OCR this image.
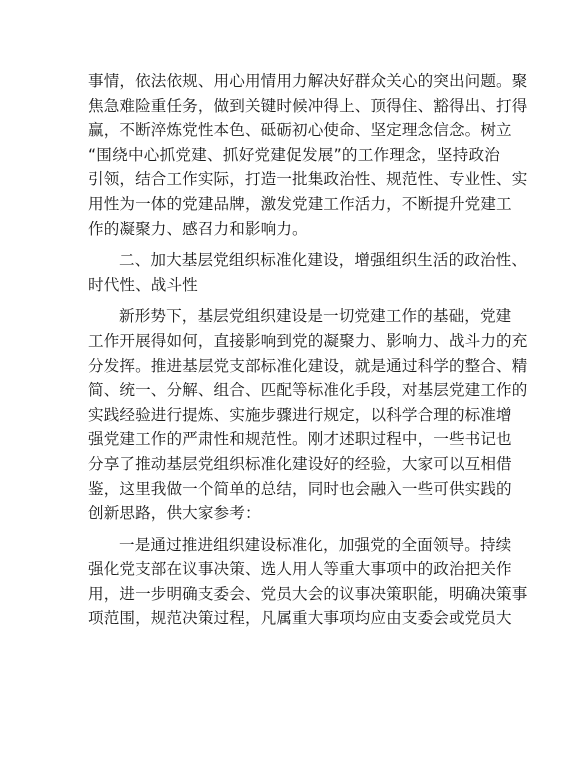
事情，依法依规、用心用情用力解决好群众关心的突出问题。聚
焦急难险重任务，做到关键时候冲得上、顶得住、豁得出、打得
赢，不断淬炼党性本色、砥砺初心使命、坚定理念信念。树立
“围绕中心抓党建、抓好党建促发展”的工作理念，坚持政治
引领，结合工作实际，打造一批集政治性、规范性、专业性、实
用性为一体的党建品牌，激发党建工作活力，不断提升党建工
作的凝聚力、感召力和影响力。
二、加大基层党组织标准化建设，增强组织生活的政治性、
时代性、战斗性
新形势下，基层党组织建设是一切党建工作的基础，党建
工作开展得如何，直接影响到党的凝聚力、影响力、战斗力的充
分发挥。推进基层党支部标准化建设，就是通过科学的整合、精
简、统一、分解、组合、匹配等标准化手段，对基层党建工作的
实践经验进行提炼、实施步骤进行规定，以科学合理的标准增
强党建工作的严肃性和规范性。刚才述职过程中，一些书记也
分享了推动基层党组织标准化建设好的经验，大家可以互相借
鉴，这里我做一个简单的总结，同时也会融入一些可供实践的
创新思路，供大家参考：
一是通过推进组织建设标准化，加强党的全面领导。持续
强化党支部在议事决策、选人用人等重大事项中的政治把关作
用，进一步明确支委会、党员大会的议事决策职能，明确决策事
项范围，规范决策过程，凡属重大事项均应由支委会或党员大
